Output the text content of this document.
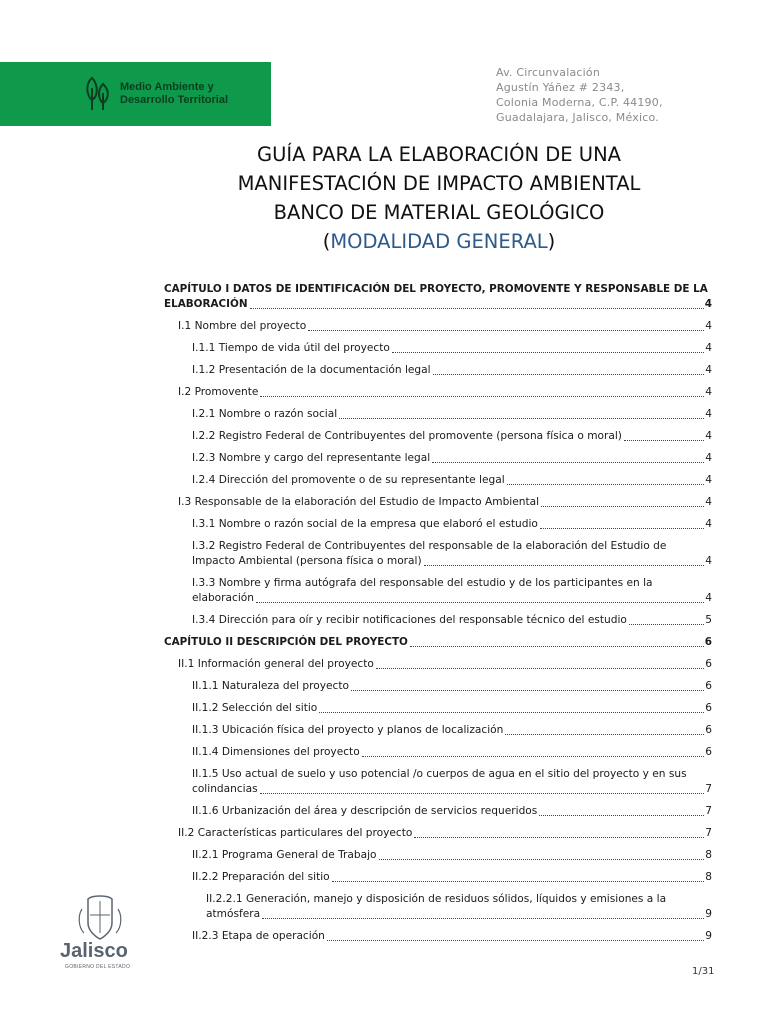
Medio Ambiente y
Desarrollo Territorial
Av. Circunvalación
Agustín Yáñez # 2343,
Colonia Moderna, C.P. 44190,
Guadalajara, Jalisco, México.
GUÍA PARA LA ELABORACIÓN DE UNA
MANIFESTACIÓN DE IMPACTO AMBIENTAL
BANCO DE MATERIAL GEOLÓGICO
(MODALIDAD GENERAL)
CAPÍTULO I DATOS DE IDENTIFICACIÓN DEL PROYECTO, PROMOVENTE Y RESPONSABLE DE LA ELABORACIÓN	4
I.1 Nombre del proyecto	4
I.1.1 Tiempo de vida útil del proyecto	4
I.1.2 Presentación de la documentación legal	4
I.2 Promovente	4
I.2.1 Nombre o razón social	4
I.2.2 Registro Federal de Contribuyentes del promovente (persona física o moral)	4
I.2.3 Nombre y cargo del representante legal	4
I.2.4 Dirección del promovente o de su representante legal	4
I.3 Responsable de la elaboración del Estudio de Impacto Ambiental	4
I.3.1 Nombre o razón social de la empresa que elaboró el estudio	4
I.3.2 Registro Federal de Contribuyentes del responsable de la elaboración del Estudio de Impacto Ambiental (persona física o moral)	4
I.3.3 Nombre y firma autógrafa del responsable del estudio y de los participantes en la elaboración	4
I.3.4 Dirección para oír y recibir notificaciones del responsable técnico del estudio	5
CAPÍTULO II DESCRIPCIÓN DEL PROYECTO	6
II.1 Información general del proyecto	6
II.1.1 Naturaleza del proyecto	6
II.1.2 Selección del sitio	6
II.1.3 Ubicación física del proyecto y planos de localización	6
II.1.4 Dimensiones del proyecto	6
II.1.5 Uso actual de suelo y uso potencial /o cuerpos de agua en el sitio del proyecto y en sus colindancias	7
II.1.6 Urbanización del área y descripción de servicios requeridos	7
II.2 Características particulares del proyecto	7
II.2.1 Programa General de Trabajo	8
II.2.2 Preparación del sitio	8
II.2.2.1 Generación, manejo y disposición de residuos sólidos, líquidos y emisiones a la atmósfera	9
II.2.3 Etapa de operación	9
Jalisco
GOBIERNO DEL ESTADO	1/31
